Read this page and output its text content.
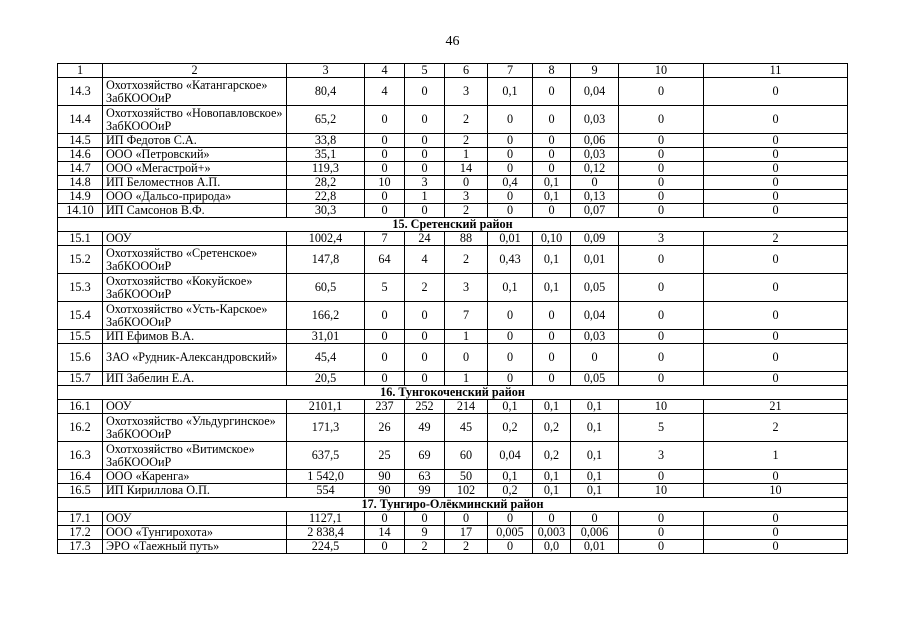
46
1	2	3	4	5	6	7	8	9	10	11
14.3	Охотхозяйство «Катангарское» ЗабКОООиР	80,4	4	0	3	0,1	0	0,04	0	0
14.4	Охотхозяйство «Новопавловское» ЗабКОООиР	65,2	0	0	2	0	0	0,03	0	0
14.5	ИП Федотов С.А.	33,8	0	0	2	0	0	0,06	0	0
14.6	ООО «Петровский»	35,1	0	0	1	0	0	0,03	0	0
14.7	ООО «Мегастрой+»	119,3	0	0	14	0	0	0,12	0	0
14.8	ИП Беломестнов А.П.	28,2	10	3	0	0,4	0,1	0	0	0
14.9	ООО «Дальсо-природа»	22,8	0	1	3	0	0,1	0,13	0	0
14.10	ИП Самсонов В.Ф.	30,3	0	0	2	0	0	0,07	0	0
15. Сретенский район										
15.1	ООУ	1002,4	7	24	88	0,01	0,10	0,09	3	2
15.2	Охотхозяйство «Сретенское» ЗабКОООиР	147,8	64	4	2	0,43	0,1	0,01	0	0
15.3	Охотхозяйство «Кокуйское» ЗабКОООиР	60,5	5	2	3	0,1	0,1	0,05	0	0
15.4	Охотхозяйство «Усть-Карское» ЗабКОООиР	166,2	0	0	7	0	0	0,04	0	0
15.5	ИП Ефимов В.А.	31,01	0	0	1	0	0	0,03	0	0
15.6	ЗАО «Рудник-Александровский»	45,4	0	0	0	0	0	0	0	0
15.7	ИП Забелин Е.А.	20,5	0	0	1	0	0	0,05	0	0
16. Тунгокоченский район										
16.1	ООУ	2101,1	237	252	214	0,1	0,1	0,1	10	21
16.2	Охотхозяйство «Ульдургинское» ЗабКОООиР	171,3	26	49	45	0,2	0,2	0,1	5	2
16.3	Охотхозяйство «Витимское» ЗабКОООиР	637,5	25	69	60	0,04	0,2	0,1	3	1
16.4	ООО «Каренга»	1 542,0	90	63	50	0,1	0,1	0,1	0	0
16.5	ИП Кириллова О.П.	554	90	99	102	0,2	0,1	0,1	10	10
17. Тунгиро-Олёкминский район										
17.1	ООУ	1127,1	0	0	0	0	0	0	0	0
17.2	ООО «Тунгирохота»	2 838,4	14	9	17	0,005	0,003	0,006	0	0
17.3	ЭРО «Таежный путь»	224,5	0	2	2	0	0,0	0,01	0	0
